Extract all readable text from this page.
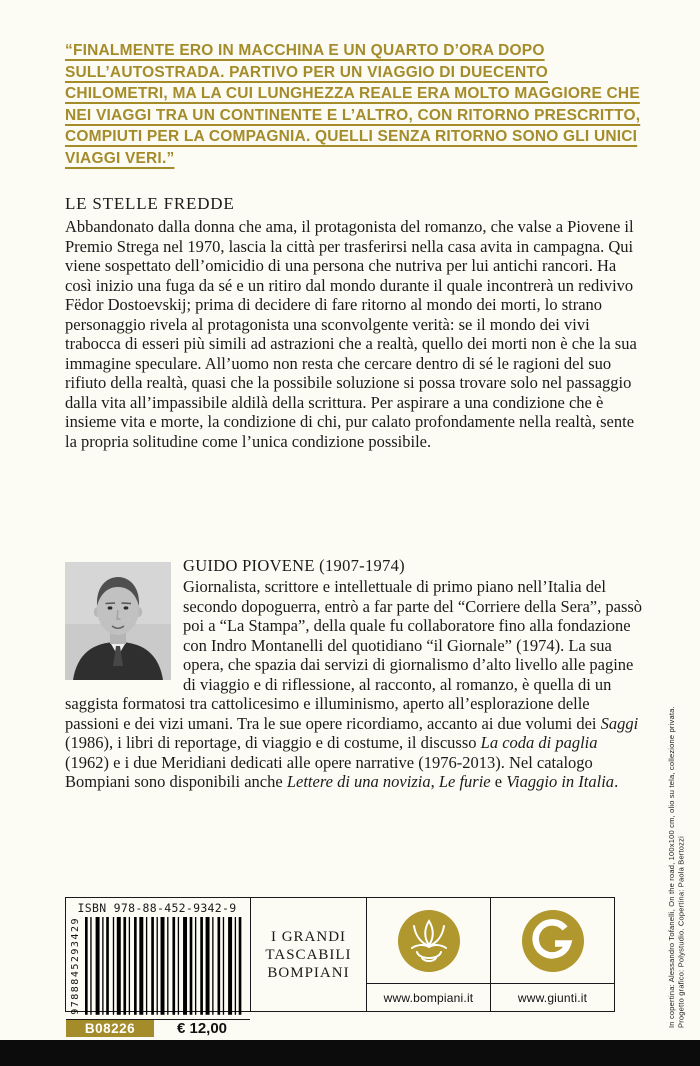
“FINALMENTE ERO IN MACCHINA E UN QUARTO D’ORA DOPO SULL’AUTOSTRADA. PARTIVO PER UN VIAGGIO DI DUECENTO CHILOMETRI, MA LA CUI LUNGHEZZA REALE ERA MOLTO MAGGIORE CHE NEI VIAGGI TRA UN CONTINENTE E L’ALTRO, CON RITORNO PRESCRITTO, COMPIUTI PER LA COMPAGNIA. QUELLI SENZA RITORNO SONO GLI UNICI VIAGGI VERI.”

LE STELLE FREDDE

Abbandonato dalla donna che ama, il protagonista del romanzo, che valse a Piovene il Premio Strega nel 1970, lascia la città per trasferirsi nella casa avita in campagna. Qui viene sospettato dell’omicidio di una persona che nutriva per lui antichi rancori. Ha così inizio una fuga da sé e un ritiro dal mondo durante il quale incontrerà un redivivo Fëdor Dostoevskij; prima di decidere di fare ritorno al mondo dei morti, lo strano personaggio rivela al protagonista una sconvolgente verità: se il mondo dei vivi trabocca di esseri più simili ad astrazioni che a realtà, quello dei morti non è che la sua immagine speculare. All’uomo non resta che cercare dentro di sé le ragioni del suo rifiuto della realtà, quasi che la possibile soluzione si possa trovare solo nel passaggio dalla vita all’impassibile aldilà della scrittura. Per aspirare a una condizione che è insieme vita e morte, la condizione di chi, pur calato profondamente nella realtà, sente la propria solitudine come l’unica condizione possibile.

GUIDO PIOVENE (1907-1974)

Giornalista, scrittore e intellettuale di primo piano nell’Italia del secondo dopoguerra, entrò a far parte del “Corriere della Sera”, passò poi a “La Stampa”, della quale fu collaboratore fino alla fondazione con Indro Montanelli del quotidiano “il Giornale” (1974). La sua opera, che spazia dai servizi di giornalismo d’alto livello alle pagine di viaggio e di riflessione, al racconto, al romanzo, è quella di un saggista formatosi tra cattolicesimo e illuminismo, aperto all’esplorazione delle passioni e dei vizi umani. Tra le sue opere ricordiamo, accanto ai due volumi dei Saggi (1986), i libri di reportage, di viaggio e di costume, il discusso La coda di paglia (1962) e i due Meridiani dedicati alle opere narrative (1976-2013). Nel catalogo Bompiani sono disponibili anche Lettere di una novizia, Le furie e Viaggio in Italia.

ISBN 978-88-452-9342-9
9788845293429
B08226	€ 12,00
I GRANDI
TASCABILI
BOMPIANI
www.bompiani.it	www.giunti.it	In copertina: Alessandro Tofanelli, On the road, 100x100 cm, olio su tela, collezione privata. Progetto grafico: Polystudio. Copertina: Paola Bertozzi
